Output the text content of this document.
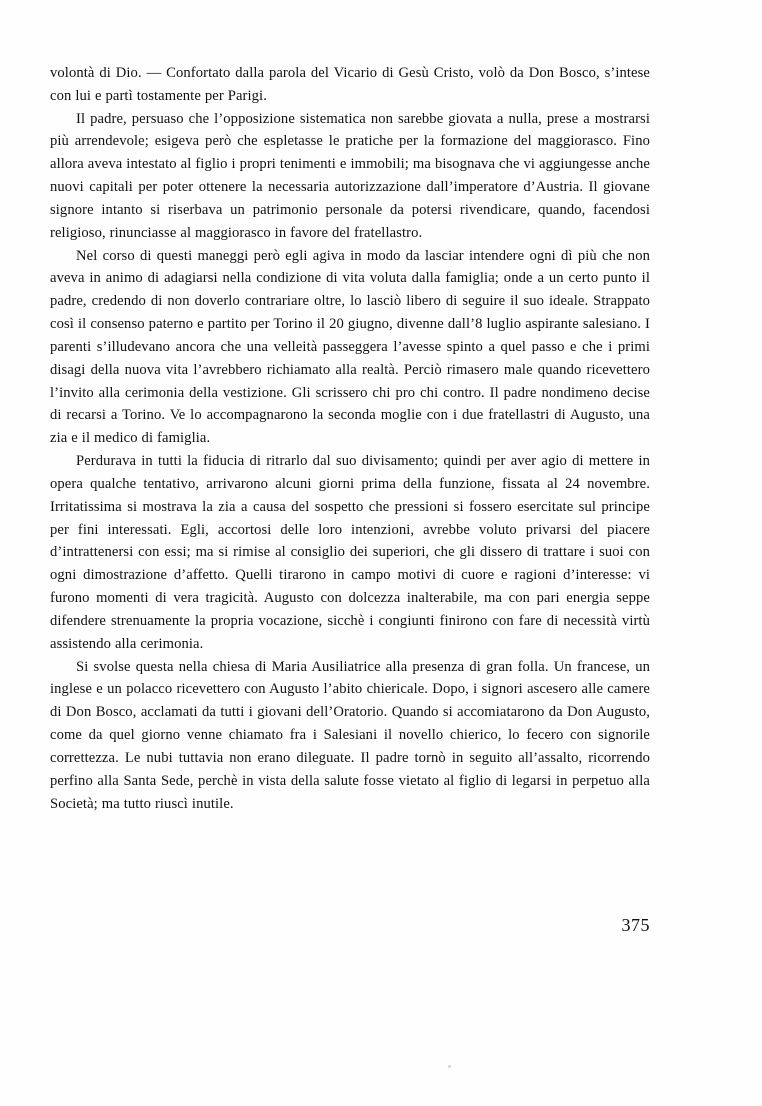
volontà di Dio. — Confortato dalla parola del Vicario di Gesù Cristo, volò da Don Bosco, s’intese con lui e partì tostamente per Parigi.

Il padre, persuaso che l’opposizione sistematica non sarebbe giovata a nulla, prese a mostrarsi più arrendevole; esigeva però che espletasse le pratiche per la formazione del maggiorasco. Fino allora aveva intestato al figlio i propri tenimenti e immobili; ma bisognava che vi aggiungesse anche nuovi capitali per poter ottenere la necessaria autorizzazione dall’imperatore d’Austria. Il giovane signore intanto si riserbava un patrimonio personale da potersi rivendicare, quando, facendosi religioso, rinunciasse al maggiorasco in favore del fratellastro.

Nel corso di questi maneggi però egli agiva in modo da lasciar intendere ogni dì più che non aveva in animo di adagiarsi nella condizione di vita voluta dalla famiglia; onde a un certo punto il padre, credendo di non doverlo contrariare oltre, lo lasciò libero di seguire il suo ideale. Strappato così il consenso paterno e partito per Torino il 20 giugno, divenne dall’8 luglio aspirante salesiano. I parenti s’illudevano ancora che una velleità passeggera l’avesse spinto a quel passo e che i primi disagi della nuova vita l’avrebbero richiamato alla realtà. Perciò rimasero male quando ricevettero l’invito alla cerimonia della vestizione. Gli scrissero chi pro chi contro. Il padre nondimeno decise di recarsi a Torino. Ve lo accompagnarono la seconda moglie con i due fratellastri di Augusto, una zia e il medico di famiglia.

Perdurava in tutti la fiducia di ritrarlo dal suo divisamento; quindi per aver agio di mettere in opera qualche tentativo, arrivarono alcuni giorni prima della funzione, fissata al 24 novembre. Irritatissima si mostrava la zia a causa del sospetto che pressioni si fossero esercitate sul principe per fini interessati. Egli, accortosi delle loro intenzioni, avrebbe voluto privarsi del piacere d’intrattenersi con essi; ma si rimise al consiglio dei superiori, che gli dissero di trattare i suoi con ogni dimostrazione d’affetto. Quelli tirarono in campo motivi di cuore e ragioni d’interesse: vi furono momenti di vera tragicità. Augusto con dolcezza inalterabile, ma con pari energia seppe difendere strenuamente la propria vocazione, sicchè i congiunti finirono con fare di necessità virtù assistendo alla cerimonia.

Si svolse questa nella chiesa di Maria Ausiliatrice alla presenza di gran folla. Un francese, un inglese e un polacco ricevettero con Augusto l’abito chiericale. Dopo, i signori ascesero alle camere di Don Bosco, acclamati da tutti i giovani dell’Oratorio. Quando si accomiatarono da Don Augusto, come da quel giorno venne chiamato fra i Salesiani il novello chierico, lo fecero con signorile correttezza. Le nubi tuttavia non erano dileguate. Il padre tornò in seguito all’assalto, ricorrendo perfino alla Santa Sede, perchè in vista della salute fosse vietato al figlio di legarsi in perpetuo alla Società; ma tutto riuscì inutile.

375
